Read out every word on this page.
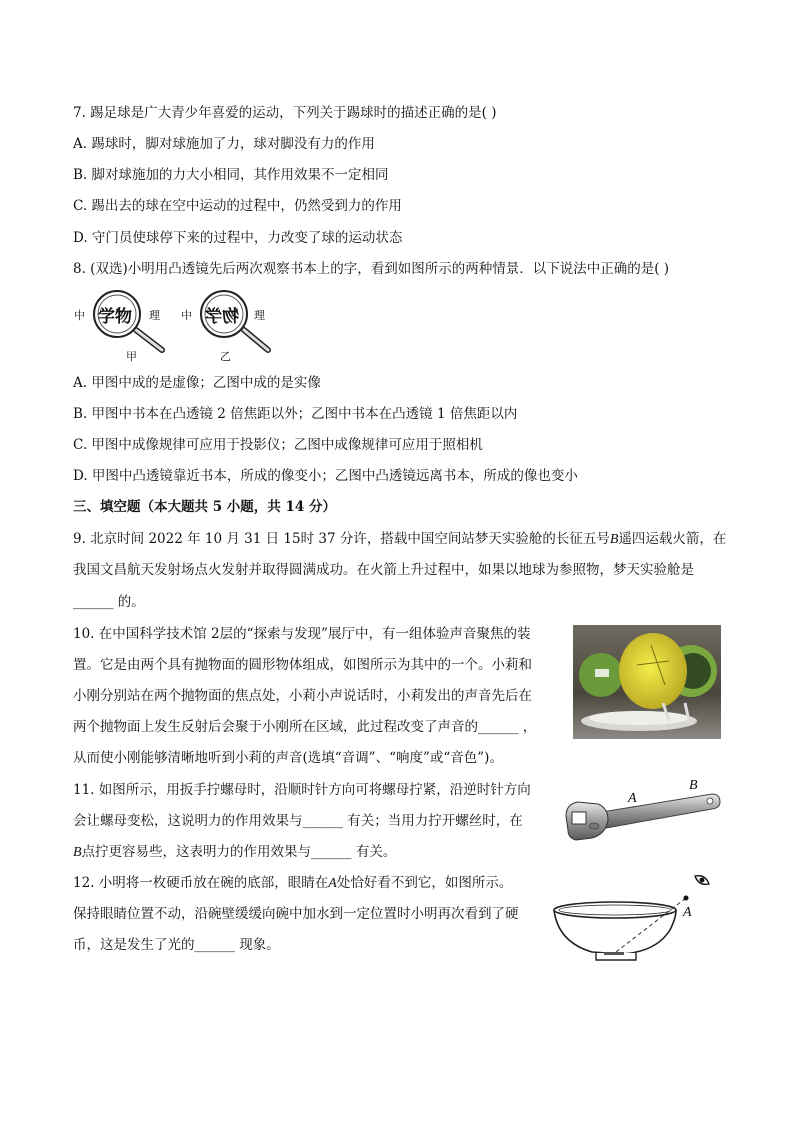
7. 踢足球是广大青少年喜爱的运动，下列关于踢球时的描述正确的是( )
A. 踢球时，脚对球施加了力，球对脚没有力的作用
B. 脚对球施加的力大小相同，其作用效果不一定相同
C. 踢出去的球在空中运动的过程中，仍然受到力的作用
D. 守门员使球停下来的过程中，力改变了球的运动状态
8. (双选)小明用凸透镜先后两次观察书本上的字，看到如图所示的两种情景．以下说法中正确的是( )
中 学物 理
甲
中 物学 理
乙
A. 甲图中成的是虚像；乙图中成的是实像
B. 甲图中书本在凸透镜 2 倍焦距以外；乙图中书本在凸透镜 1 倍焦距以内
C. 甲图中成像规律可应用于投影仪；乙图中成像规律可应用于照相机
D. 甲图中凸透镜靠近书本，所成的像变小；乙图中凸透镜远离书本，所成的像也变小
三、填空题（本大题共 5 小题，共 14 分）
9. 北京时间 2022 年 10 月 31 日 15时 37 分许，搭载中国空间站梦天实验舱的长征五号B遥四运载火箭，在
我国文昌航天发射场点火发射并取得圆满成功。在火箭上升过程中，如果以地球为参照物，梦天实验舱是
______ 的。
10. 在中国科学技术馆 2层的“探索与发现”展厅中，有一组体验声音聚焦的装
置。它是由两个具有抛物面的圆形物体组成，如图所示为其中的一个。小莉和
小刚分别站在两个抛物面的焦点处，小莉小声说话时，小莉发出的声音先后在
两个抛物面上发生反射后会聚于小刚所在区域，此过程改变了声音的______ ，
从而使小刚能够清晰地听到小莉的声音(选填“音调”、“响度”或“音色”)。
11. 如图所示，用扳手拧螺母时，沿顺时针方向可将螺母拧紧，沿逆时针方向
会让螺母变松，这说明力的作用效果与______ 有关；当用力拧开螺丝时，在
B点拧更容易些，这表明力的作用效果与______ 有关。
A
B
12. 小明将一枚硬币放在碗的底部，眼睛在A处恰好看不到它，如图所示。
保持眼睛位置不动，沿碗壁缓缓向碗中加水到一定位置时小明再次看到了硬
币，这是发生了光的______ 现象。
A
